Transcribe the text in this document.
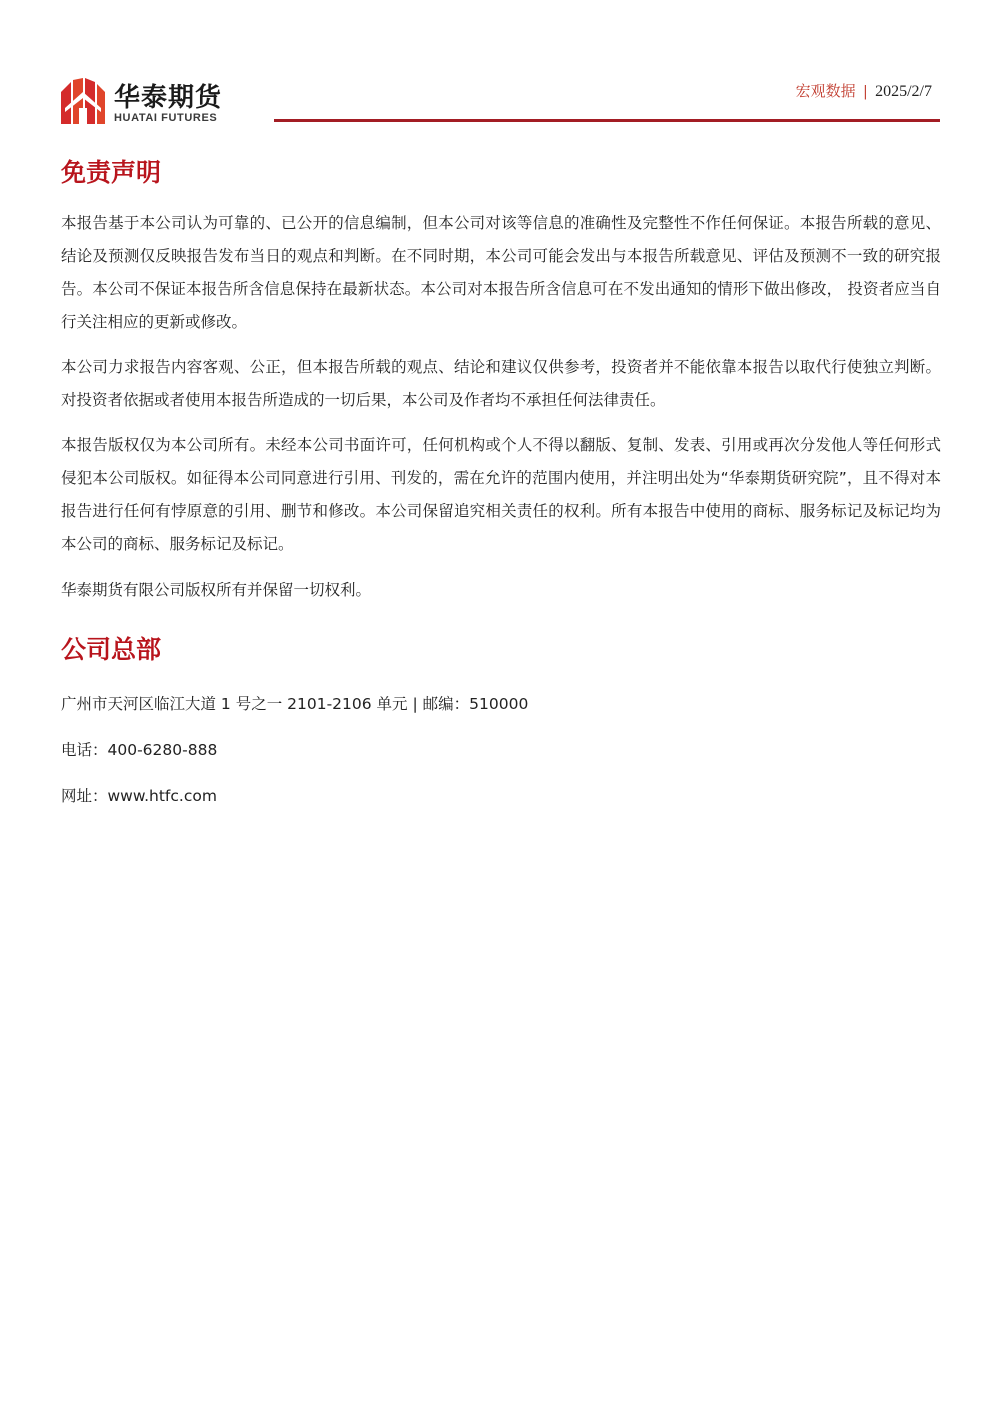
华泰期货
HUATAI FUTURES
宏观数据 | 2025/2/7
免责声明

本报告基于本公司认为可靠的、已公开的信息编制，但本公司对该等信息的准确性及完整性不作任何保证。本报告所载的意见、结论及预测仅反映报告发布当日的观点和判断。在不同时期，本公司可能会发出与本报告所载意见、评估及预测不一致的研究报告。本公司不保证本报告所含信息保持在最新状态。本公司对本报告所含信息可在不发出通知的情形下做出修改， 投资者应当自行关注相应的更新或修改。

本公司力求报告内容客观、公正，但本报告所载的观点、结论和建议仅供参考，投资者并不能依靠本报告以取代行使独立判断。对投资者依据或者使用本报告所造成的一切后果，本公司及作者均不承担任何法律责任。

本报告版权仅为本公司所有。未经本公司书面许可，任何机构或个人不得以翻版、复制、发表、引用或再次分发他人等任何形式侵犯本公司版权。如征得本公司同意进行引用、刊发的，需在允许的范围内使用，并注明出处为“华泰期货研究院”，且不得对本报告进行任何有悖原意的引用、删节和修改。本公司保留追究相关责任的权利。所有本报告中使用的商标、服务标记及标记均为本公司的商标、服务标记及标记。

华泰期货有限公司版权所有并保留一切权利。

公司总部
广州市天河区临江大道 1 号之一 2101-2106 单元 | 邮编：510000
电话：400-6280-888
网址：www.htfc.com
